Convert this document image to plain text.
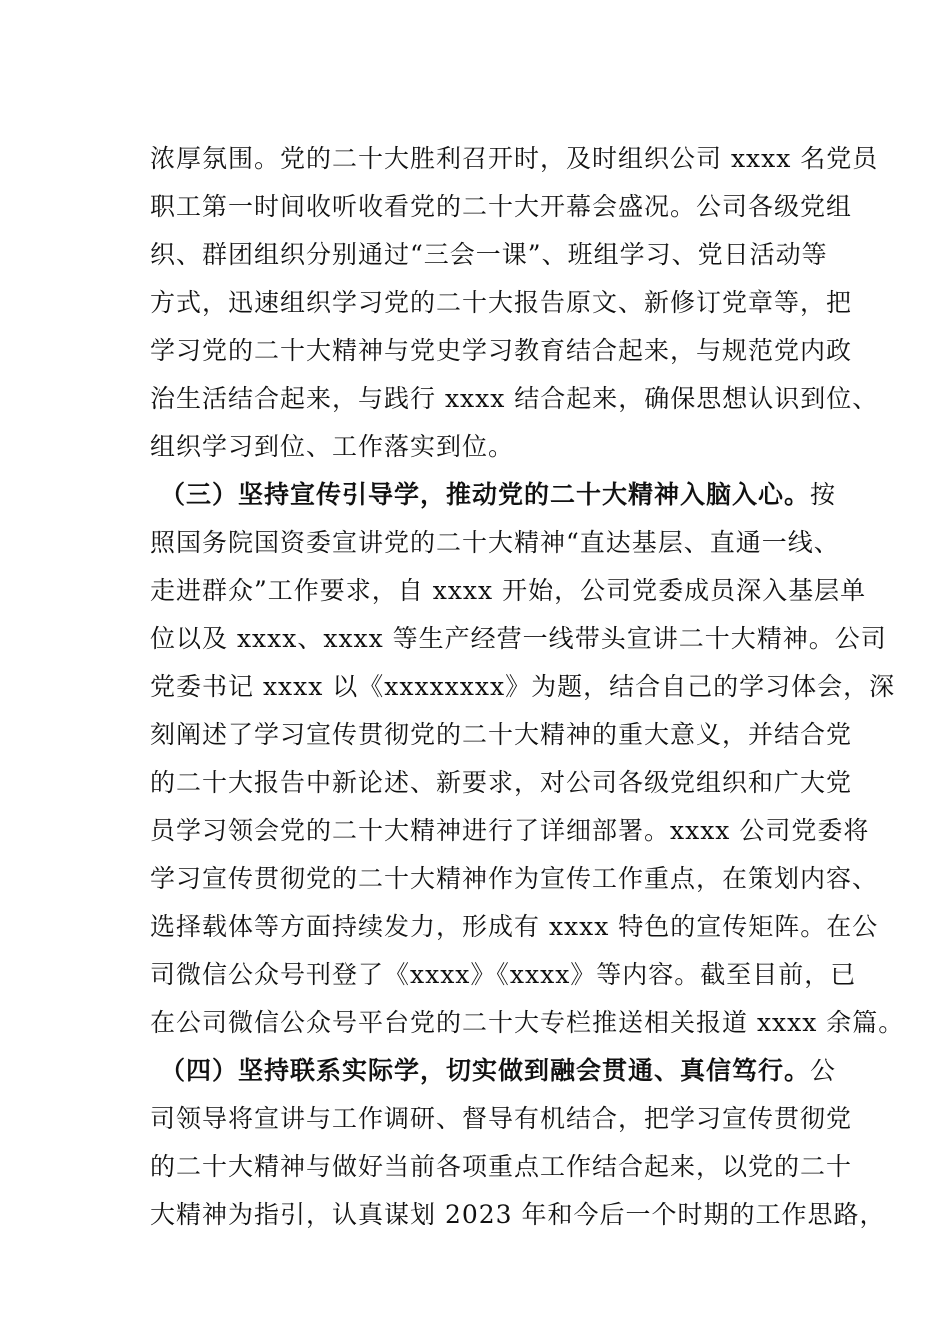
浓厚氛围。党的二十大胜利召开时，及时组织公司 xxxx 名党员
职工第一时间收听收看党的二十大开幕会盛况。公司各级党组
织、群团组织分别通过“三会一课”、班组学习、党日活动等
方式，迅速组织学习党的二十大报告原文、新修订党章等，把
学习党的二十大精神与党史学习教育结合起来，与规范党内政
治生活结合起来，与践行 xxxx 结合起来，确保思想认识到位、
组织学习到位、工作落实到位。
（三）坚持宣传引导学，推动党的二十大精神入脑入心。按
照国务院国资委宣讲党的二十大精神“直达基层、直通一线、
走进群众”工作要求，自 xxxx 开始，公司党委成员深入基层单
位以及 xxxx、xxxx 等生产经营一线带头宣讲二十大精神。公司
党委书记 xxxx 以《xxxxxxxx》为题，结合自己的学习体会，深
刻阐述了学习宣传贯彻党的二十大精神的重大意义，并结合党
的二十大报告中新论述、新要求，对公司各级党组织和广大党
员学习领会党的二十大精神进行了详细部署。xxxx 公司党委将
学习宣传贯彻党的二十大精神作为宣传工作重点，在策划内容、
选择载体等方面持续发力，形成有 xxxx 特色的宣传矩阵。在公
司微信公众号刊登了《xxxx》《xxxx》等内容。截至目前，已
在公司微信公众号平台党的二十大专栏推送相关报道 xxxx 余篇。
（四）坚持联系实际学，切实做到融会贯通、真信笃行。公
司领导将宣讲与工作调研、督导有机结合，把学习宣传贯彻党
的二十大精神与做好当前各项重点工作结合起来，以党的二十
大精神为指引，认真谋划 2023 年和今后一个时期的工作思路，
